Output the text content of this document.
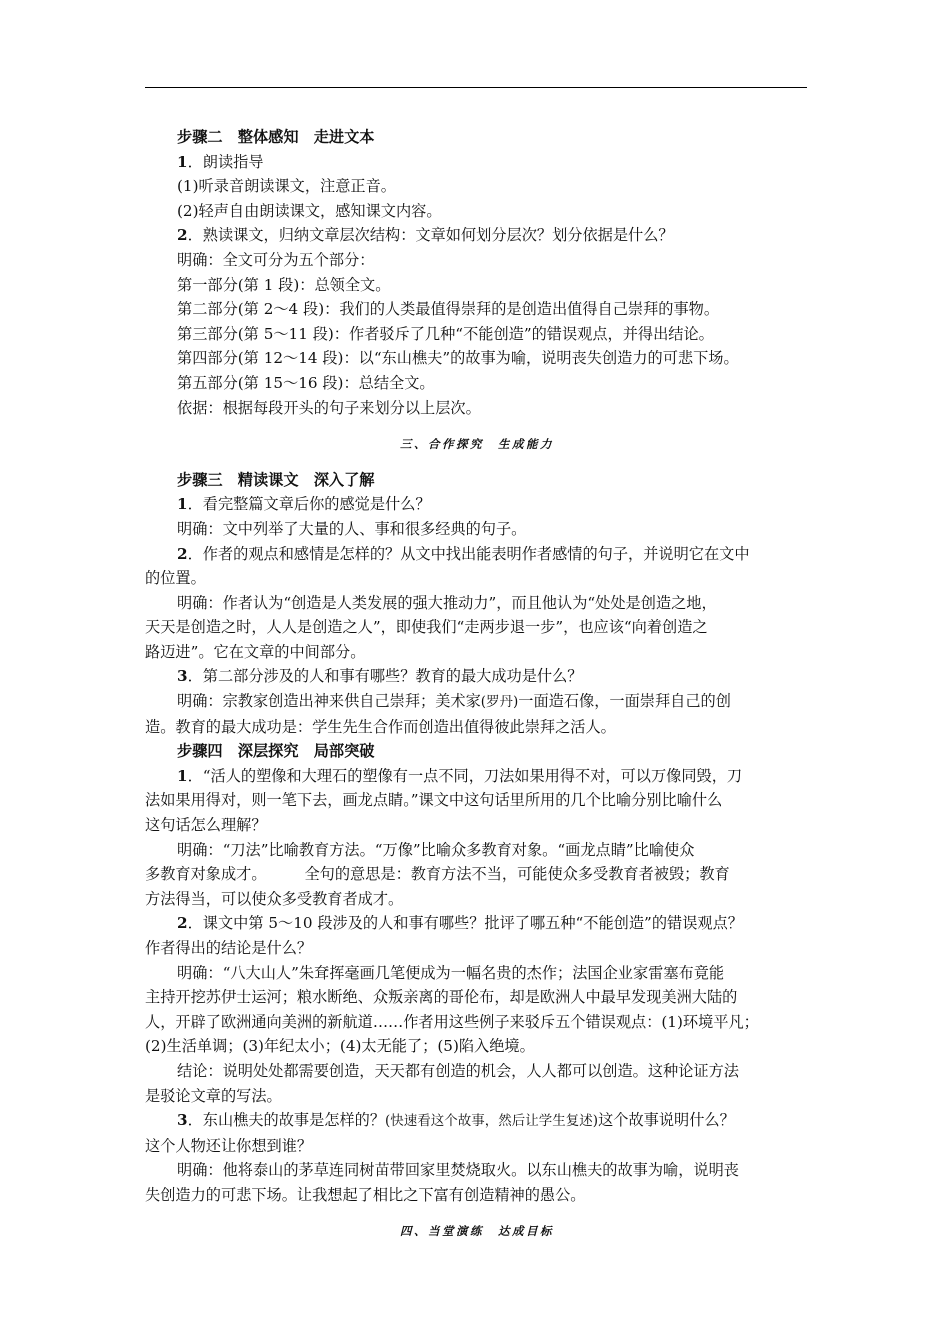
步骤二　整体感知　走进文本

1．朗读指导

(1)听录音朗读课文，注意正音。

(2)轻声自由朗读课文，感知课文内容。

2．熟读课文，归纳文章层次结构：文章如何划分层次？划分依据是什么？

明确：全文可分为五个部分：

第一部分(第 1 段)：总领全文。

第二部分(第 2～4 段)：我们的人类最值得崇拜的是创造出值得自己崇拜的事物。

第三部分(第 5～11 段)：作者驳斥了几种“不能创造”的错误观点，并得出结论。

第四部分(第 12～14 段)：以“东山樵夫”的故事为喻，说明丧失创造力的可悲下场。

第五部分(第 15～16 段)：总结全文。

依据：根据每段开头的句子来划分以上层次。

三、合作探究　生成能力

步骤三　精读课文　深入了解

1．看完整篇文章后你的感觉是什么？

明确：文中列举了大量的人、事和很多经典的句子。

2．作者的观点和感情是怎样的？从文中找出能表明作者感情的句子，并说明它在文中

的位置。

明确：作者认为“创造是人类发展的强大推动力”，而且他认为“处处是创造之地，

天天是创造之时，人人是创造之人”，即使我们“走两步退一步”，也应该“向着创造之

路迈进”。它在文章的中间部分。

3．第二部分涉及的人和事有哪些？教育的最大成功是什么？

明确：宗教家创造出神来供自己崇拜；美术家(罗丹)一面造石像，一面崇拜自己的创

造。教育的最大成功是：学生先生合作而创造出值得彼此崇拜之活人。

步骤四　深层探究　局部突破

1．“活人的塑像和大理石的塑像有一点不同，刀法如果用得不对，可以万像同毁，刀

法如果用得对，则一笔下去，画龙点睛。”课文中这句话里所用的几个比喻分别比喻什么

这句话怎么理解？

明确：“刀法”比喻教育方法。“万像”比喻众多教育对象。“画龙点睛”比喻使众

多教育对象成才。　　　全句的意思是：教育方法不当，可能使众多受教育者被毁；教育

方法得当，可以使众多受教育者成才。

2．课文中第 5～10 段涉及的人和事有哪些？批评了哪五种“不能创造”的错误观点？

作者得出的结论是什么？

明确：“八大山人”朱耷挥毫画几笔便成为一幅名贵的杰作；法国企业家雷塞布竟能

主持开挖苏伊士运河；粮水断绝、众叛亲离的哥伦布，却是欧洲人中最早发现美洲大陆的

人，开辟了欧洲通向美洲的新航道……作者用这些例子来驳斥五个错误观点：(1)环境平凡；

(2)生活单调；(3)年纪太小；(4)太无能了；(5)陷入绝境。

结论：说明处处都需要创造，天天都有创造的机会，人人都可以创造。这种论证方法

是驳论文章的写法。

3．东山樵夫的故事是怎样的？(快速看这个故事，然后让学生复述)这个故事说明什么？

这个人物还让你想到谁？

明确：他将泰山的茅草连同树苗带回家里焚烧取火。以东山樵夫的故事为喻，说明丧

失创造力的可悲下场。让我想起了相比之下富有创造精神的愚公。

四、当堂演练　达成目标
